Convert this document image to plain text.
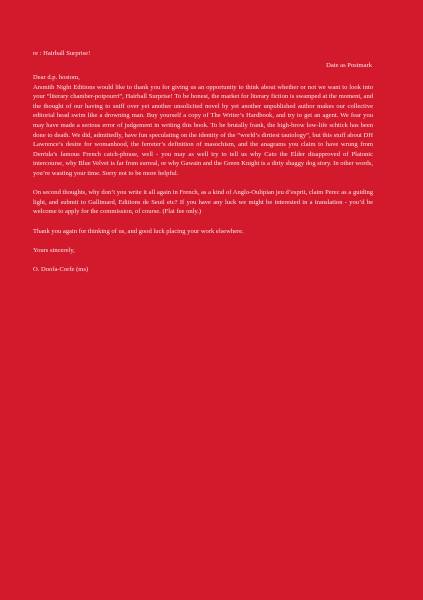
re : Hairball Surprise!

Date as Postmark

Dear d.p. hostom,

Arsmith Night Editions would like to thank you for giving us an opportunity to think about whether or not we want to look into your “literary chamber-potpourri”, Hairball Surprise! To be honest, the market for literary fiction is swamped at the moment, and the thought of our having to sniff over yet another unsolicited novel by yet another unpublished author makes our collective editorial head swim like a drowning man. Buy yourself a copy of The Writer’s Hardbook, and try to get an agent. We fear you may have made a serious error of judgement in writing this book. To be brutally frank, the high-brow low-life schtick has been done to death. We did, admittedly, have fun speculating on the identity of the “world’s dirtiest tautology”, but this stuff about DH Lawrence’s desire for womanhood, the ferreter’s definition of masochism, and the anagrams you claim to have wrung from Derrida’s famous French catch-phrase, well - you may as well try to tell us why Cato the Elder disapproved of Platonic intercourse, why Blue Velvet is far from surreal, or why Gawain and the Green Knight is a dirty shaggy dog story. In other words, you’re wasting your time. Sorry not to be more helpful.

On second thoughts, why don’t you write it all again in French, as a kind of Anglo-Oulipian jeu d’esprit, claim Perec as a guiding light, and submit to Gallimard, Editions de Seuil etc? If you have any luck we might be interested in a translation - you’d be welcome to apply for the commission, of course. (Flat fee only.)

Thank you again for thinking of us, and good luck placing your work elsewhere.

Yours sincerely,

O. Doofa-Corfe (ms)
